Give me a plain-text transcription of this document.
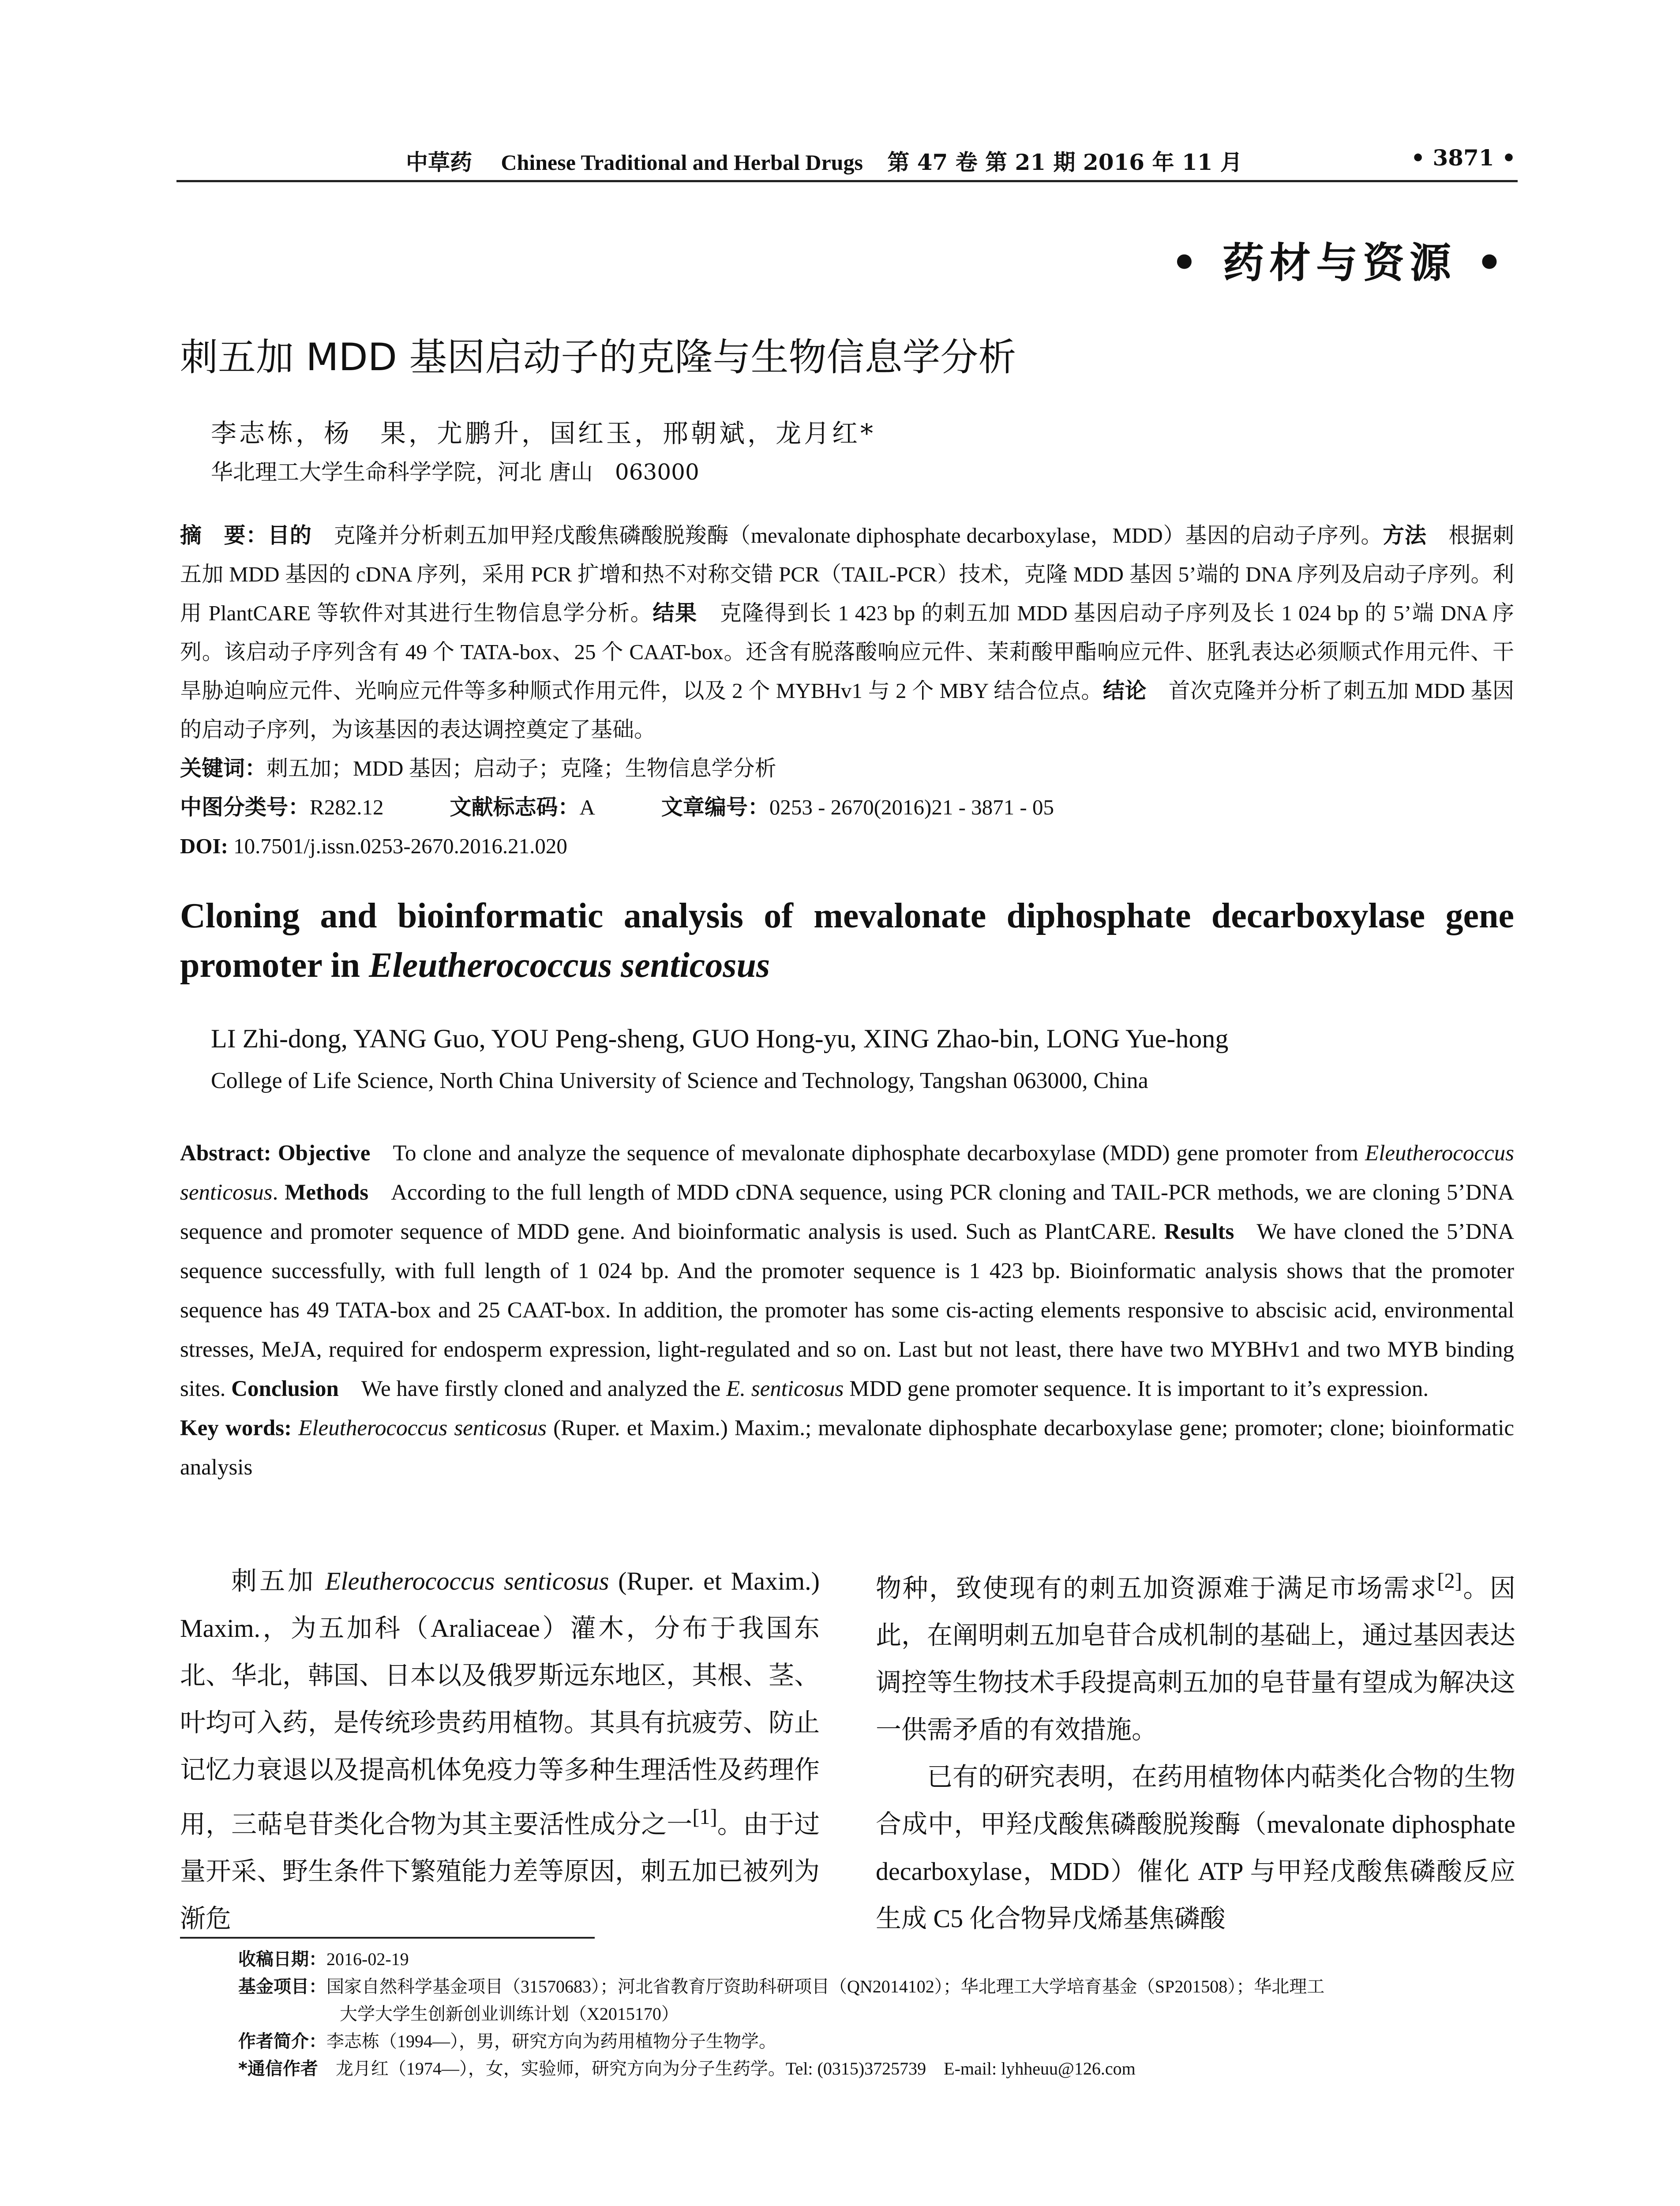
中草药 Chinese Traditional and Herbal Drugs 第 47 卷 第 21 期 2016 年 11 月	• 3871 •
• 药材与资源 •
刺五加 MDD 基因启动子的克隆与生物信息学分析
李志栋，杨　果，尤鹏升，国红玉，邢朝斌，龙月红*
华北理工大学生命科学学院，河北 唐山　063000

摘　要：目的　克隆并分析刺五加甲羟戊酸焦磷酸脱羧酶（mevalonate diphosphate decarboxylase，MDD）基因的启动子序列。方法　根据刺五加 MDD 基因的 cDNA 序列，采用 PCR 扩增和热不对称交错 PCR（TAIL-PCR）技术，克隆 MDD 基因 5’端的 DNA 序列及启动子序列。利用 PlantCARE 等软件对其进行生物信息学分析。结果　克隆得到长 1 423 bp 的刺五加 MDD 基因启动子序列及长 1 024 bp 的 5’端 DNA 序列。该启动子序列含有 49 个 TATA-box、25 个 CAAT-box。还含有脱落酸响应元件、茉莉酸甲酯响应元件、胚乳表达必须顺式作用元件、干旱胁迫响应元件、光响应元件等多种顺式作用元件，以及 2 个 MYBHv1 与 2 个 MBY 结合位点。结论　首次克隆并分析了刺五加 MDD 基因的启动子序列，为该基因的表达调控奠定了基础。

关键词：刺五加；MDD 基因；启动子；克隆；生物信息学分析
中图分类号：R282.12	文献标志码：A	文章编号：0253 - 2670(2016)21 - 3871 - 05
DOI: 10.7501/j.issn.0253-2670.2016.21.020
Cloning and bioinformatic analysis of mevalonate diphosphate decarboxylase gene promoter in Eleutherococcus senticosus
LI Zhi-dong, YANG Guo, YOU Peng-sheng, GUO Hong-yu, XING Zhao-bin, LONG Yue-hong
College of Life Science, North China University of Science and Technology, Tangshan 063000, China

Abstract: Objective To clone and analyze the sequence of mevalonate diphosphate decarboxylase (MDD) gene promoter from Eleutherococcus senticosus. Methods According to the full length of MDD cDNA sequence, using PCR cloning and TAIL-PCR methods, we are cloning 5’DNA sequence and promoter sequence of MDD gene. And bioinformatic analysis is used. Such as PlantCARE. Results We have cloned the 5’DNA sequence successfully, with full length of 1 024 bp. And the promoter sequence is 1 423 bp. Bioinformatic analysis shows that the promoter sequence has 49 TATA-box and 25 CAAT-box. In addition, the promoter has some cis-acting elements responsive to abscisic acid, environmental stresses, MeJA, required for endosperm expression, light-regulated and so on. Last but not least, there have two MYBHv1 and two MYB binding sites. Conclusion We have firstly cloned and analyzed the E. senticosus MDD gene promoter sequence. It is important to it’s expression.

Key words: Eleutherococcus senticosus (Ruper. et Maxim.) Maxim.; mevalonate diphosphate decarboxylase gene; promoter; clone; bioinformatic analysis

刺五加 Eleutherococcus senticosus (Ruper. et Maxim.) Maxim.，为五加科（Araliaceae）灌木，分布于我国东北、华北，韩国、日本以及俄罗斯远东地区，其根、茎、叶均可入药，是传统珍贵药用植物。其具有抗疲劳、防止记忆力衰退以及提高机体免疫力等多种生理活性及药理作用，三萜皂苷类化合物为其主要活性成分之一[1]。由于过量开采、野生条件下繁殖能力差等原因，刺五加已被列为渐危

物种，致使现有的刺五加资源难于满足市场需求[2]。因此，在阐明刺五加皂苷合成机制的基础上，通过基因表达调控等生物技术手段提高刺五加的皂苷量有望成为解决这一供需矛盾的有效措施。

已有的研究表明，在药用植物体内萜类化合物的生物合成中，甲羟戊酸焦磷酸脱羧酶（mevalonate diphosphate decarboxylase，MDD）催化 ATP 与甲羟戊酸焦磷酸反应生成 C5 化合物异戊烯基焦磷酸

收稿日期：2016-02-19
基金项目：国家自然科学基金项目（31570683）；河北省教育厅资助科研项目（QN2014102）；华北理工大学培育基金（SP201508）；华北理工
大学大学生创新创业训练计划（X2015170）
作者简介：李志栋（1994—），男，研究方向为药用植物分子生物学。
*通信作者　龙月红（1974—），女，实验师，研究方向为分子生药学。Tel: (0315)3725739　E-mail: lyhheuu@126.com
